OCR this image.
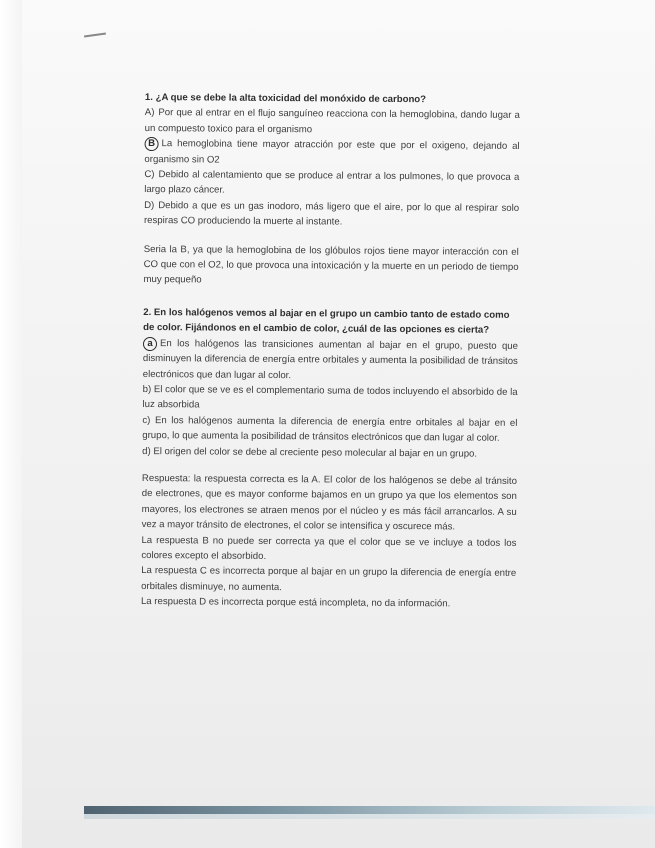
1. ¿A que se debe la alta toxicidad del monóxido de carbono?

A) Por que al entrar en el flujo sanguíneo reacciona con la hemoglobina, dando lugar a un compuesto toxico para el organismo

B La hemoglobina tiene mayor atracción por este que por el oxigeno, dejando al organismo sin O2

C) Debido al calentamiento que se produce al entrar a los pulmones, lo que provoca a largo plazo cáncer.

D) Debido a que es un gas inodoro, más ligero que el aire, por lo que al respirar solo respiras CO produciendo la muerte al instante.

Seria la B, ya que la hemoglobina de los glóbulos rojos tiene mayor interacción con el CO que con el O2, lo que provoca una intoxicación y la muerte en un periodo de tiempo muy pequeño

2. En los halógenos vemos al bajar en el grupo un cambio tanto de estado como de color. Fijándonos en el cambio de color, ¿cuál de las opciones es cierta?

a En los halógenos las transiciones aumentan al bajar en el grupo, puesto que disminuyen la diferencia de energía entre orbitales y aumenta la posibilidad de tránsitos electrónicos que dan lugar al color.

b) El color que se ve es el complementario suma de todos incluyendo el absorbido de la luz absorbida

c) En los halógenos aumenta la diferencia de energía entre orbitales al bajar en el grupo, lo que aumenta la posibilidad de tránsitos electrónicos que dan lugar al color.

d) El origen del color se debe al creciente peso molecular al bajar en un grupo.

Respuesta: la respuesta correcta es la A. El color de los halógenos se debe al tránsito de electrones, que es mayor conforme bajamos en un grupo ya que los elementos son mayores, los electrones se atraen menos por el núcleo y es más fácil arrancarlos. A su vez a mayor tránsito de electrones, el color se intensifica y oscurece más.

La respuesta B no puede ser correcta ya que el color que se ve incluye a todos los colores excepto el absorbido.

La respuesta C es incorrecta porque al bajar en un grupo la diferencia de energía entre orbitales disminuye, no aumenta.

La respuesta D es incorrecta porque está incompleta, no da información.
